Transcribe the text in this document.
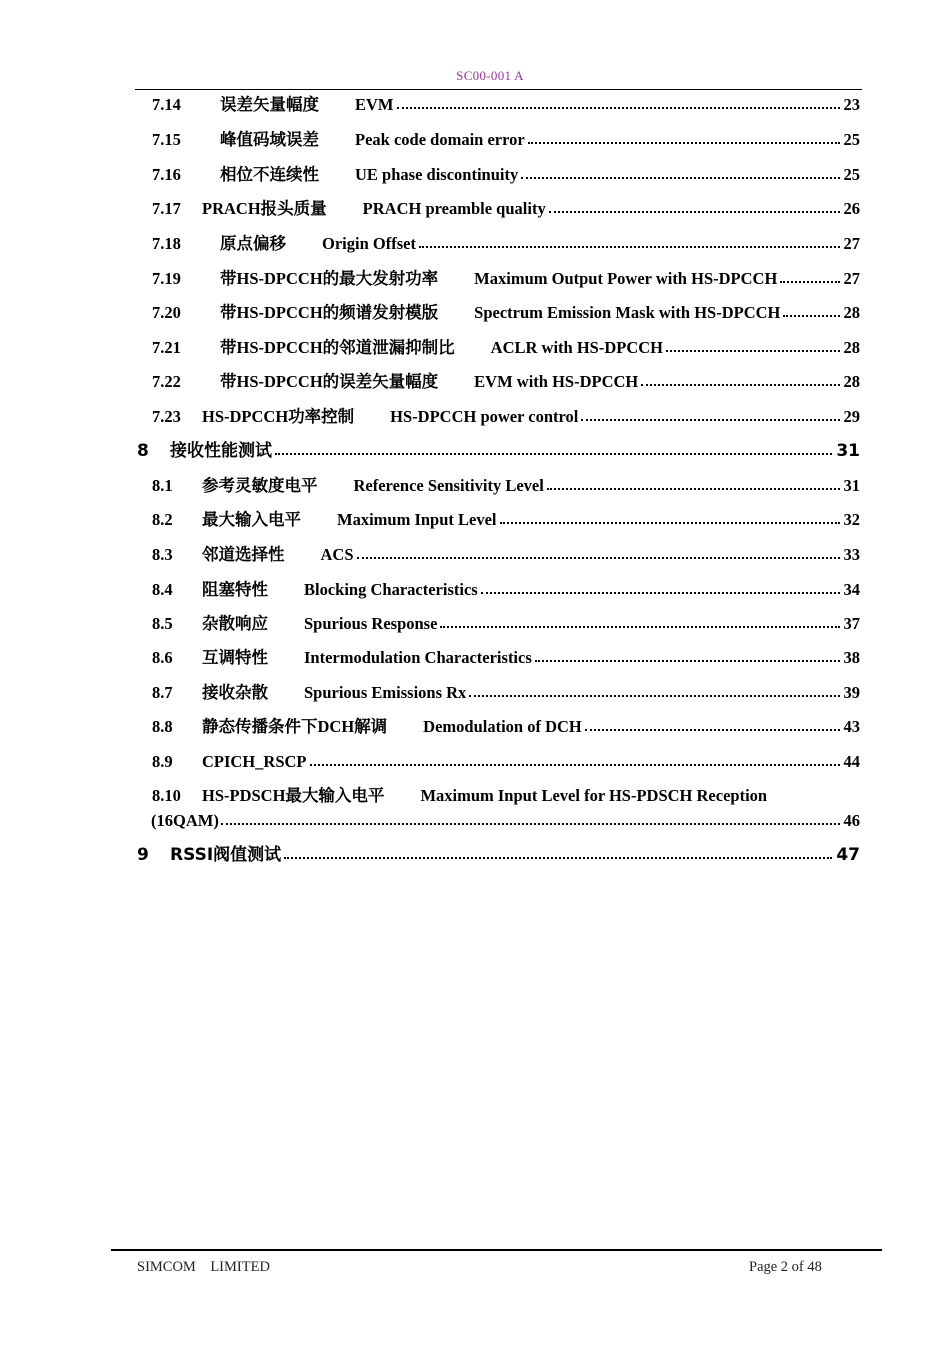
SC00-001 A
7.14	误差矢量幅度 EVM	23
7.15	峰值码域误差 Peak code domain error	25
7.16	相位不连续性 UE phase discontinuity	25
7.17	PRACH报头质量 PRACH preamble quality	26
7.18	原点偏移 Origin Offset	27
7.19	带HS-DPCCH的最大发射功率 Maximum Output Power with HS-DPCCH	27
7.20	带HS-DPCCH的频谱发射模版 Spectrum Emission Mask with HS-DPCCH	28
7.21	带HS-DPCCH的邻道泄漏抑制比 ACLR with HS-DPCCH	28
7.22	带HS-DPCCH的误差矢量幅度 EVM with HS-DPCCH	28
7.23	HS-DPCCH功率控制 HS-DPCCH power control	29
8	接收性能测试	31
8.1	参考灵敏度电平 Reference Sensitivity Level	31
8.2	最大输入电平 Maximum Input Level	32
8.3	邻道选择性 ACS	33
8.4	阻塞特性 Blocking Characteristics	34
8.5	杂散响应 Spurious Response	37
8.6	互调特性 Intermodulation Characteristics	38
8.7	接收杂散 Spurious Emissions Rx	39
8.8	静态传播条件下DCH解调 Demodulation of DCH	43
8.9	CPICH_RSCP	44
8.10	HS-PDSCH最大输入电平 Maximum Input Level for HS-PDSCH Reception
(16QAM)	46
9	RSSI阀值测试	47
SIMCOM    LIMITED	Page 2 of 48
